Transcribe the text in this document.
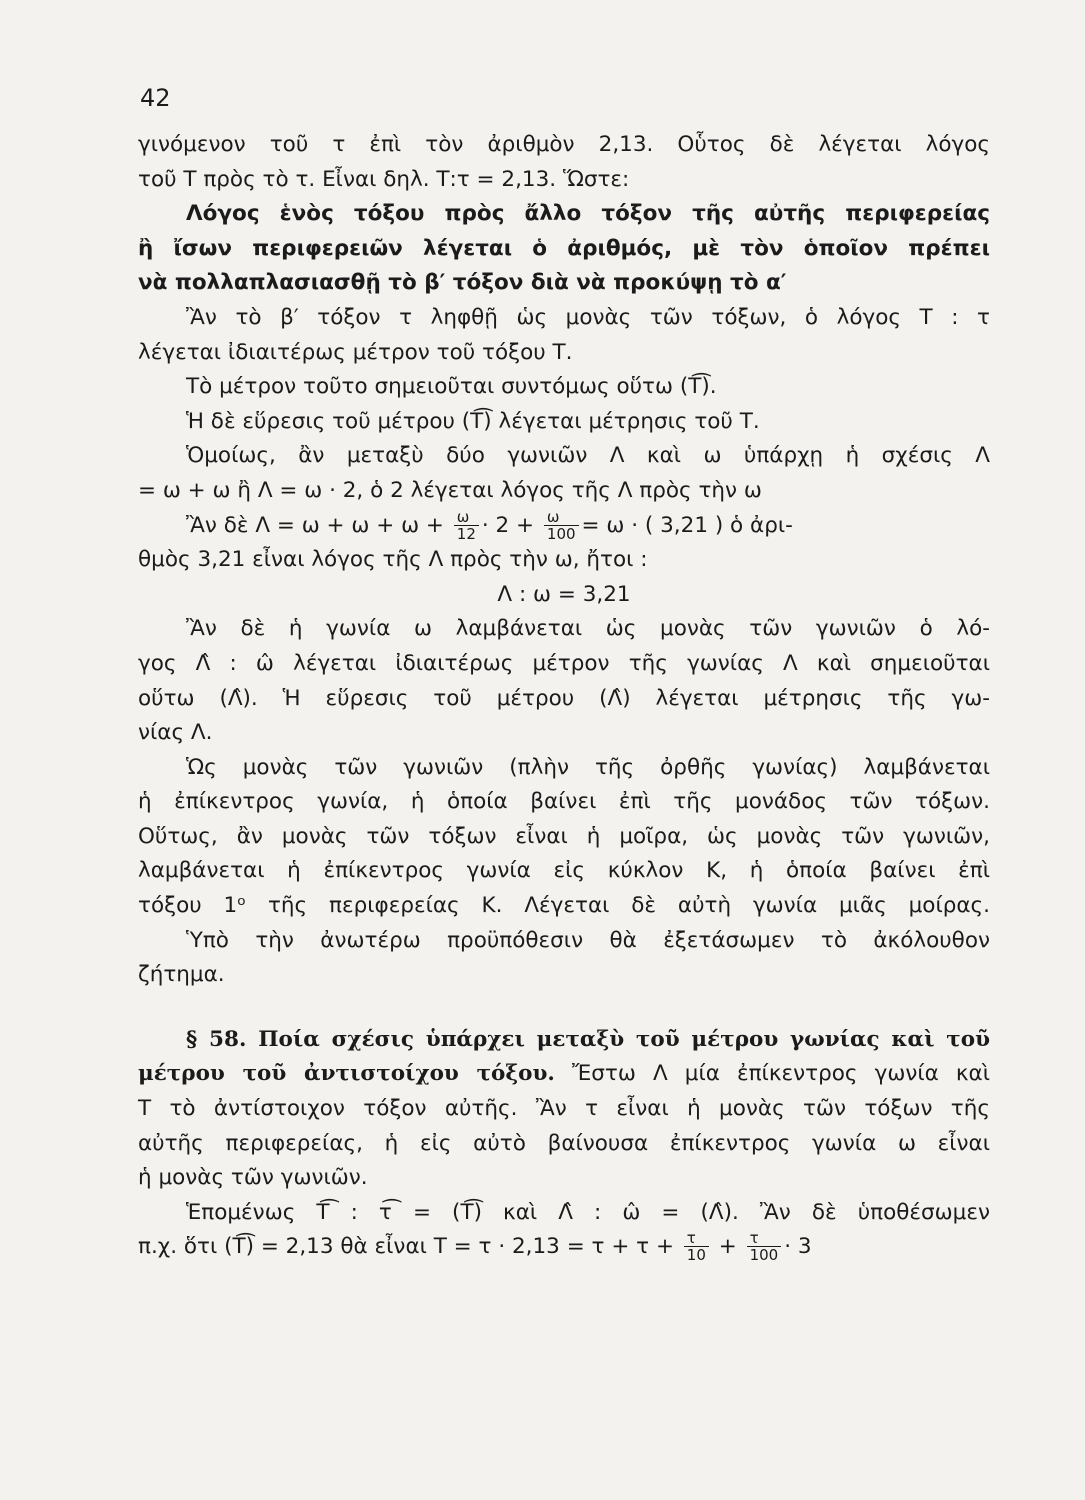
42
γινόμενον τοῦ τ ἐπὶ τὸν ἀριθμὸν 2,13. Οὗτος δὲ λέγεται λόγος
τοῦ Τ πρὸς τὸ τ. Εἶναι δηλ. Τ:τ = 2,13. Ὥστε:
Λόγος ἑνὸς τόξου πρὸς ἄλλο τόξον τῆς αὐτῆς περιφερείας
ἢ ἴσων περιφερειῶν λέγεται ὁ ἀριθμός, μὲ τὸν ὁποῖον πρέπει
νὰ πολλαπλασιασθῇ τὸ β′ τόξον διὰ νὰ προκύψῃ τὸ α′
Ἂν τὸ β′ τόξον τ ληφθῇ ὡς μονὰς τῶν τόξων, ὁ λόγος Τ : τ
λέγεται ἰδιαιτέρως μέτρον τοῦ τόξου Τ.
Τὸ μέτρον τοῦτο σημειοῦται συντόμως οὕτω (Τ͡).
Ἡ δὲ εὕρεσις τοῦ μέτρου (Τ͡) λέγεται μέτρησις τοῦ Τ.
Ὁμοίως, ἂν μεταξὺ δύο γωνιῶν Λ καὶ ω ὑπάρχῃ ἡ σχέσις Λ
= ω + ω ἢ Λ = ω · 2, ὁ 2 λέγεται λόγος τῆς Λ πρὸς τὴν ω
Ἂν δὲ $\Lambda = \omega + \omega + \omega + \frac{\omega}{12} \cdot 2 + \frac{\omega}{100} = \omega$ · ( 3,21 ) ὁ ἀρι-
θμὸς 3,21 εἶναι λόγος τῆς Λ πρὸς τὴν ω, ἤτοι :
Λ : ω = 3,21
Ἂν δὲ ἡ γωνία ω λαμβάνεται ὡς μονὰς τῶν γωνιῶν ὁ λό-
γος Λ̂ : ω̂ λέγεται ἰδιαιτέρως μέτρον τῆς γωνίας Λ καὶ σημειοῦται
οὕτω (Λ̂). Ἡ εὕρεσις τοῦ μέτρου (Λ̂) λέγεται μέτρησις τῆς γω-
νίας Λ.
Ὡς μονὰς τῶν γωνιῶν (πλὴν τῆς ὀρθῆς γωνίας) λαμβάνεται
ἡ ἐπίκεντρος γωνία, ἡ ὁποία βαίνει ἐπὶ τῆς μονάδος τῶν τόξων.
Οὕτως, ἂν μονὰς τῶν τόξων εἶναι ἡ μοῖρα, ὡς μονὰς τῶν γωνιῶν,
λαμβάνεται ἡ ἐπίκεντρος γωνία εἰς κύκλον Κ, ἡ ὁποία βαίνει ἐπὶ
τόξου 1ᵒ τῆς περιφερείας Κ. Λέγεται δὲ αὐτὴ γωνία μιᾶς μοίρας.
Ὑπὸ τὴν ἀνωτέρω προϋπόθεσιν θὰ ἐξετάσωμεν τὸ ἀκόλουθον
ζήτημα.
§ 58. Ποία σχέσις ὑπάρχει μεταξὺ τοῦ μέτρου γωνίας καὶ τοῦ
μέτρου τοῦ ἀντιστοίχου τόξου. Ἔστω Λ μία ἐπίκεντρος γωνία καὶ
Τ τὸ ἀντίστοιχον τόξον αὐτῆς. Ἂν τ εἶναι ἡ μονὰς τῶν τόξων τῆς
αὐτῆς περιφερείας, ἡ εἰς αὐτὸ βαίνουσα ἐπίκεντρος γωνία ω εἶναι
ἡ μονὰς τῶν γωνιῶν.
Ἑπομένως Τ͡ : τ͡ = (Τ͡) καὶ Λ̂ : ω̂ = (Λ̂). Ἂν δὲ ὑποθέσωμεν
π.χ. ὅτι (Τ͡) = 2,13 θὰ εἶναι $T = \tau \cdot 2,13 = \tau + \tau + \frac{\tau}{10} + \frac{\tau}{100} \cdot 3$
